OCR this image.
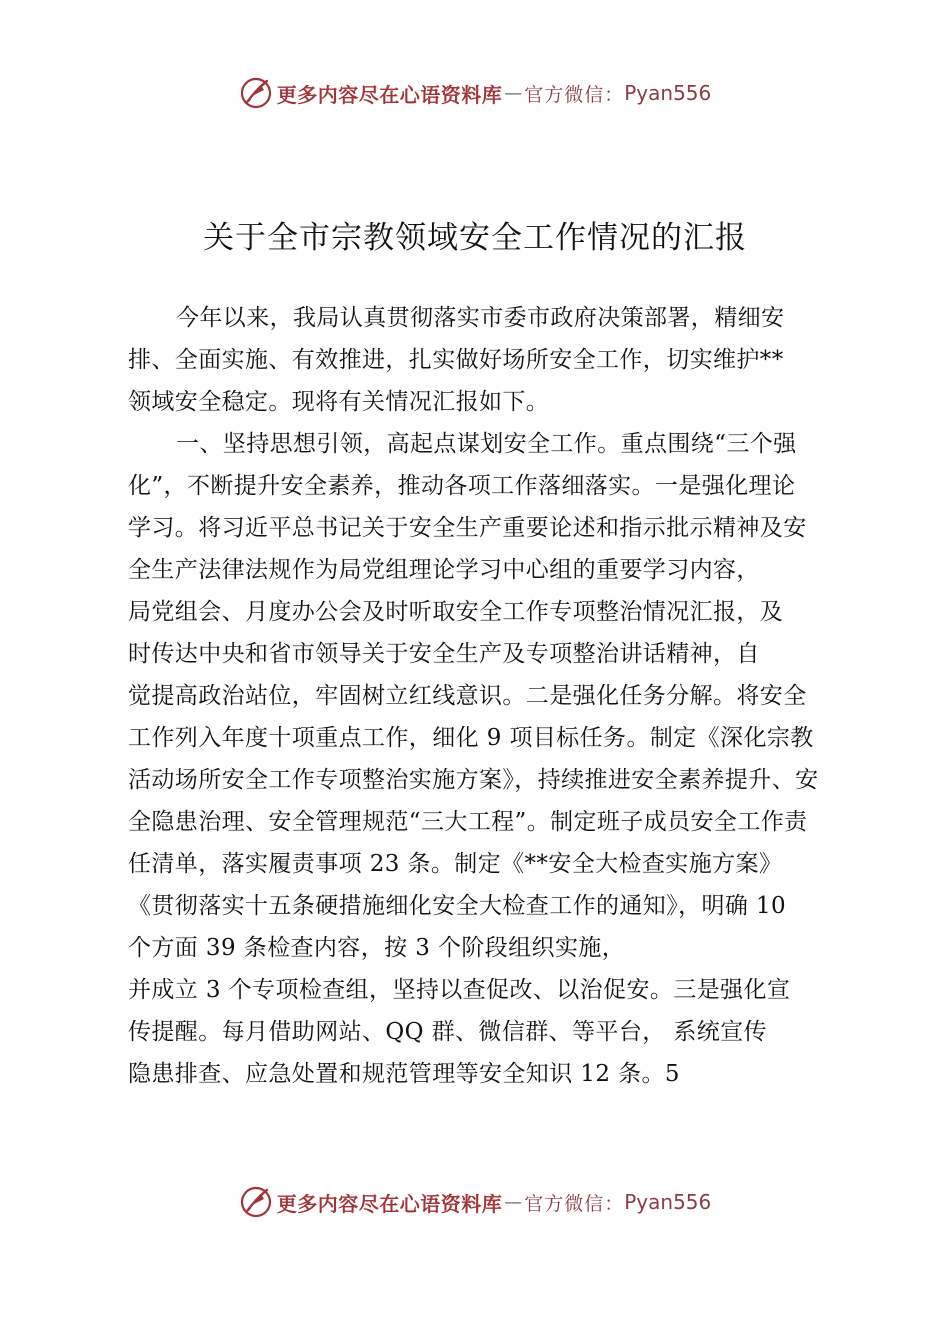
更多内容尽在心语资料库 — 官方微信： Pyan556
关于全市宗教领域安全工作情况的汇报
今年以来，我局认真贯彻落实市委市政府决策部署，精细安
排、全面实施、有效推进，扎实做好场所安全工作，切实维护**
领域安全稳定。现将有关情况汇报如下。
一、坚持思想引领，高起点谋划安全工作。重点围绕“三个强
化”，不断提升安全素养，推动各项工作落细落实。一是强化理论
学习。将习近平总书记关于安全生产重要论述和指示批示精神及安
全生产法律法规作为局党组理论学习中心组的重要学习内容，
局党组会、月度办公会及时听取安全工作专项整治情况汇报，及
时传达中央和省市领导关于安全生产及专项整治讲话精神，自
觉提高政治站位，牢固树立红线意识。二是强化任务分解。将安全
工作列入年度十项重点工作，细化 9 项目标任务。制定《深化宗教
活动场所安全工作专项整治实施方案》，持续推进安全素养提升、安
全隐患治理、安全管理规范“三大工程”。制定班子成员安全工作责
任清单，落实履责事项 23 条。制定《**安全大检查实施方案》
《贯彻落实十五条硬措施细化安全大检查工作的通知》，明确 10
个方面 39 条检查内容，按 3 个阶段组织实施，
并成立 3 个专项检查组，坚持以查促改、以治促安。三是强化宣
传提醒。每月借助网站、QQ 群、微信群、等平台， 系统宣传
隐患排查、应急处置和规范管理等安全知识 12 条。5
更多内容尽在心语资料库 — 官方微信： Pyan556
